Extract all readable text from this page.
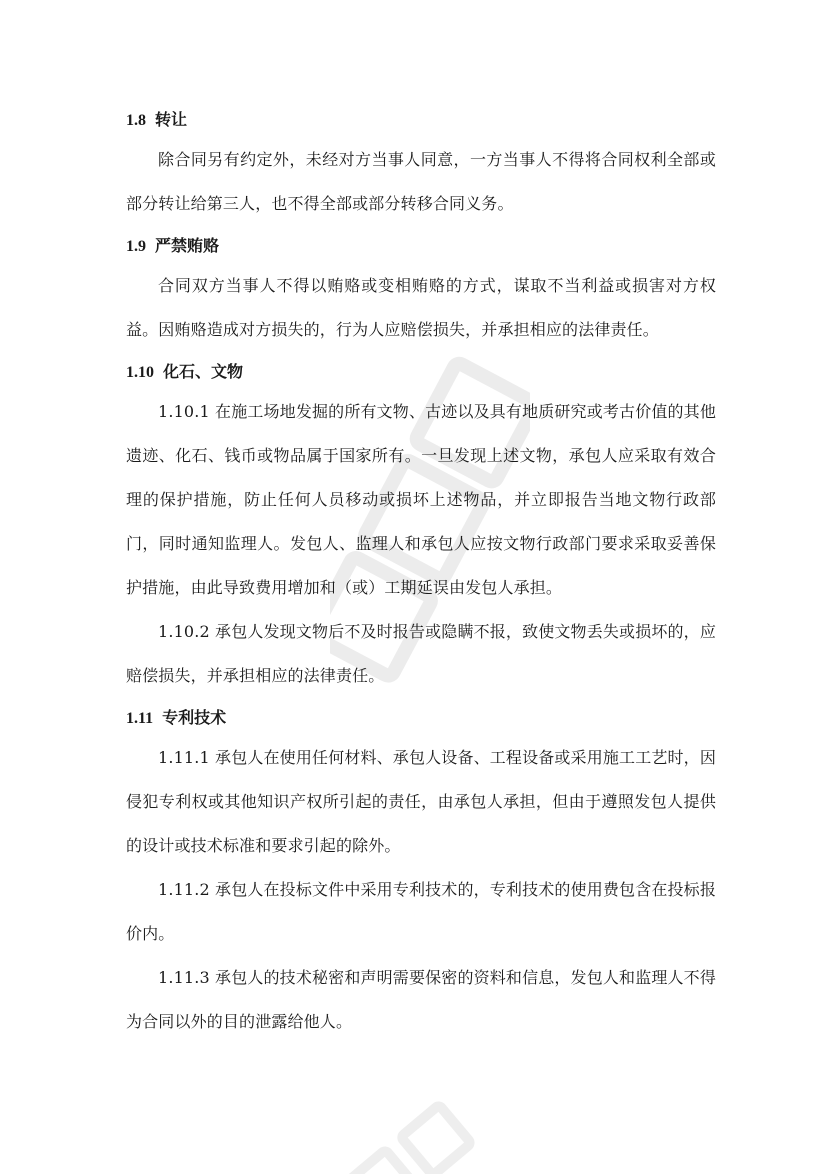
1.8 转让

除合同另有约定外，未经对方当事人同意，一方当事人不得将合同权利全部或部分转让给第三人，也不得全部或部分转移合同义务。

1.9 严禁贿赂

合同双方当事人不得以贿赂或变相贿赂的方式，谋取不当利益或损害对方权益。因贿赂造成对方损失的，行为人应赔偿损失，并承担相应的法律责任。

1.10 化石、文物

1.10.1 在施工场地发掘的所有文物、古迹以及具有地质研究或考古价值的其他遗迹、化石、钱币或物品属于国家所有。一旦发现上述文物，承包人应采取有效合理的保护措施，防止任何人员移动或损坏上述物品，并立即报告当地文物行政部门，同时通知监理人。发包人、监理人和承包人应按文物行政部门要求采取妥善保护措施，由此导致费用增加和（或）工期延误由发包人承担。

1.10.2 承包人发现文物后不及时报告或隐瞒不报，致使文物丢失或损坏的，应赔偿损失，并承担相应的法律责任。

1.11 专利技术

1.11.1 承包人在使用任何材料、承包人设备、工程设备或采用施工工艺时，因侵犯专利权或其他知识产权所引起的责任，由承包人承担，但由于遵照发包人提供的设计或技术标准和要求引起的除外。

1.11.2 承包人在投标文件中采用专利技术的，专利技术的使用费包含在投标报价内。

1.11.3 承包人的技术秘密和声明需要保密的资料和信息，发包人和监理人不得为合同以外的目的泄露给他人。
